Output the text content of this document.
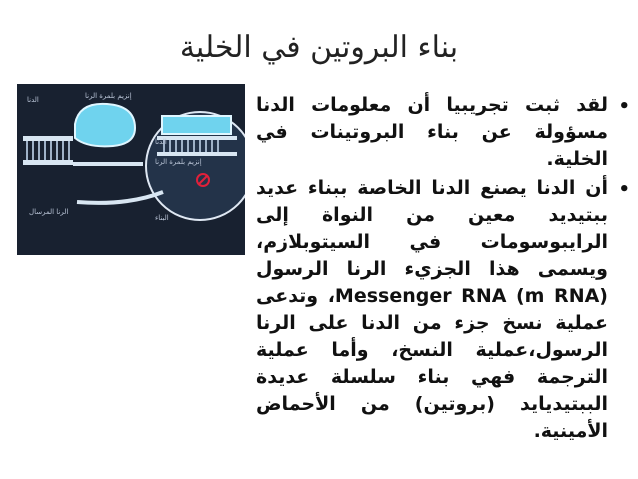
بناء البروتين في الخلية
الدنا	إنزيم بلمرة الرنا
الدنا
إنزيم بلمرة الرنا
الرنا المرسال
البناء
•
لقد ثبت تجريبيا أن معلومات الدنا مسؤولة عن بناء البروتينات في الخلية.
•
أن الدنا يصنع الدنا الخاصة ببناء عديد ببتيديد معين من النواة إلى الرايبوسومات في السيتوبلازم، ويسمى هذا الجزيء الرنا الرسول Messenger RNA (m RNA)، وتدعى عملية نسخ جزء من الدنا على الرنا الرسول،عملية النسخ، وأما عملية الترجمة فهي بناء سلسلة عديدة الببتيديايد (بروتين) من الأحماض الأمينية.
